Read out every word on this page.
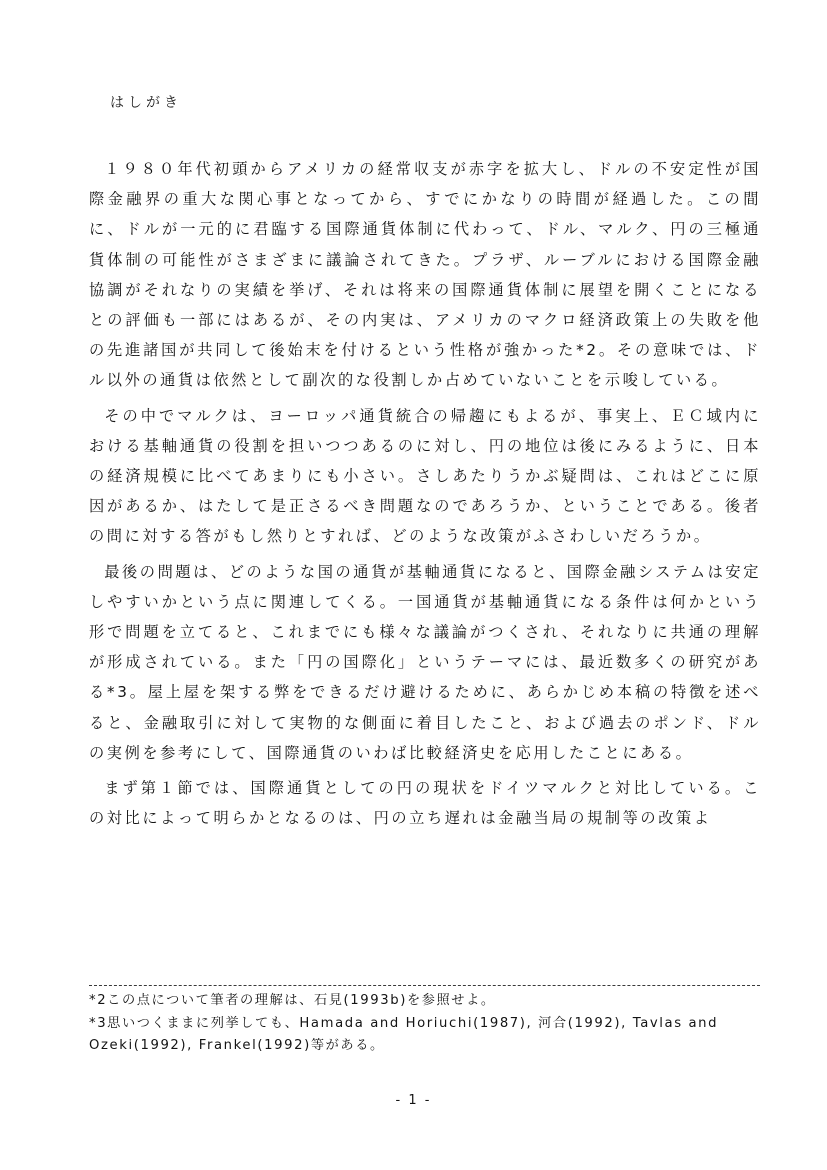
はしがき

１９８０年代初頭からアメリカの経常収支が赤字を拡大し、ドルの不安定性が国際金融界の重大な関心事となってから、すでにかなりの時間が経過した。この間に、ドルが一元的に君臨する国際通貨体制に代わって、ドル、マルク、円の三極通貨体制の可能性がさまざまに議論されてきた。プラザ、ルーブルにおける国際金融協調がそれなりの実績を挙げ、それは将来の国際通貨体制に展望を開くことになるとの評価も一部にはあるが、その内実は、アメリカのマクロ経済政策上の失敗を他の先進諸国が共同して後始末を付けるという性格が強かった*2。その意味では、ドル以外の通貨は依然として副次的な役割しか占めていないことを示唆している。

その中でマルクは、ヨーロッパ通貨統合の帰趨にもよるが、事実上、ＥＣ域内における基軸通貨の役割を担いつつあるのに対し、円の地位は後にみるように、日本の経済規模に比べてあまりにも小さい。さしあたりうかぶ疑問は、これはどこに原因があるか、はたして是正さるべき問題なのであろうか、ということである。後者の問に対する答がもし然りとすれば、どのような改策がふさわしいだろうか。

最後の問題は、どのような国の通貨が基軸通貨になると、国際金融システムは安定しやすいかという点に関連してくる。一国通貨が基軸通貨になる条件は何かという形で問題を立てると、これまでにも様々な議論がつくされ、それなりに共通の理解が形成されている。また「円の国際化」というテーマには、最近数多くの研究がある*3。屋上屋を架する弊をできるだけ避けるために、あらかじめ本稿の特徴を述べると、金融取引に対して実物的な側面に着目したこと、および過去のポンド、ドルの実例を参考にして、国際通貨のいわば比較経済史を応用したことにある。

まず第１節では、国際通貨としての円の現状をドイツマルクと対比している。この対比によって明らかとなるのは、円の立ち遅れは金融当局の規制等の改策よ

*2この点について筆者の理解は、石見(1993b)を参照せよ。

*3思いつくままに列挙しても、Hamada and Horiuchi(1987), 河合(1992), Tavlas and Ozeki(1992), Frankel(1992)等がある。

- 1 -
